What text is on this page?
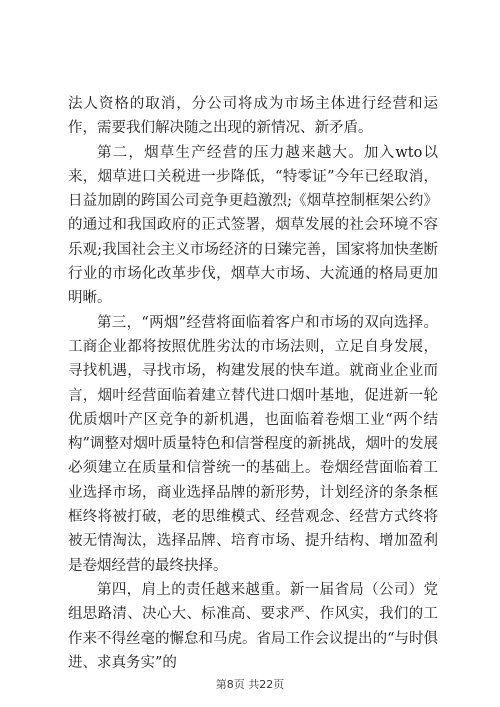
法人资格的取消，分公司将成为市场主体进行经营和运作，需要我们解决随之出现的新情况、新矛盾。

第二，烟草生产经营的压力越来越大。加入wto以来，烟草进口关税进一步降低，“特零证”今年已经取消，日益加剧的跨国公司竞争更趋激烈;《烟草控制框架公约》的通过和我国政府的正式签署，烟草发展的社会环境不容乐观;我国社会主义市场经济的日臻完善，国家将加快垄断行业的市场化改革步伐，烟草大市场、大流通的格局更加明晰。

第三，“两烟”经营将面临着客户和市场的双向选择。工商企业都将按照优胜劣汰的市场法则，立足自身发展，寻找机遇，寻找市场，构建发展的快车道。就商业企业而言，烟叶经营面临着建立替代进口烟叶基地，促进新一轮优质烟叶产区竞争的新机遇，也面临着卷烟工业“两个结构”调整对烟叶质量特色和信誉程度的新挑战，烟叶的发展必须建立在质量和信誉统一的基础上。卷烟经营面临着工业选择市场，商业选择品牌的新形势，计划经济的条条框框终将被打破，老的思维模式、经营观念、经营方式终将被无情淘汰，选择品牌、培育市场、提升结构、增加盈利是卷烟经营的最终抉择。

第四，肩上的责任越来越重。新一届省局（公司）党组思路清、决心大、标准高、要求严、作风实，我们的工作来不得丝毫的懈怠和马虎。省局工作会议提出的“与时俱进、求真务实”的

第8页 共22页
